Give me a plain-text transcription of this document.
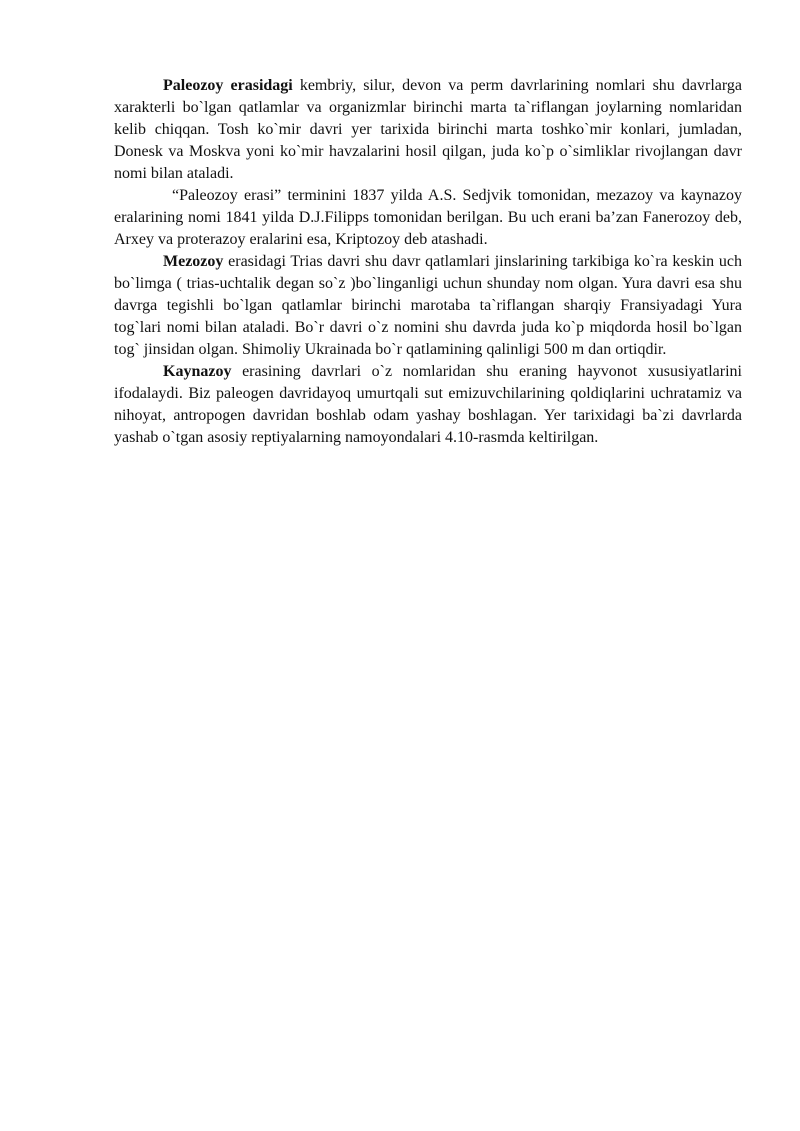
Paleozoy erasidagi kembriy, silur, devon va perm davrlarining nomlari shu davrlarga xarakterli bo`lgan qatlamlar va organizmlar birinchi marta ta`riflangan joylarning nomlaridan kelib chiqqan. Tosh ko`mir davri yer tarixida birinchi marta toshko`mir konlari, jumladan, Donesk va Moskva yoni ko`mir havzalarini hosil qilgan, juda ko`p o`simliklar rivojlangan davr nomi bilan ataladi.

“Paleozoy erasi” terminini 1837 yilda A.S. Sedjvik tomonidan, mezazoy va kaynazoy eralarining nomi 1841 yilda D.J.Filipps tomonidan berilgan. Bu uch erani ba’zan Fanerozoy deb, Arxey va proterazoy eralarini esa, Kriptozoy deb atashadi.

Mezozoy erasidagi Trias davri shu davr qatlamlari jinslarining tarkibiga ko`ra keskin uch bo`limga ( trias-uchtalik degan so`z )bo`linganligi uchun shunday nom olgan. Yura davri esa shu davrga tegishli bo`lgan qatlamlar birinchi marotaba ta`riflangan sharqiy Fransiyadagi Yura tog`lari nomi bilan ataladi. Bo`r davri o`z nomini shu davrda juda ko`p miqdorda hosil bo`lgan tog` jinsidan olgan. Shimoliy Ukrainada bo`r qatlamining qalinligi 500 m dan ortiqdir.

Kaynazoy erasining davrlari o`z nomlaridan shu eraning hayvonot xususiyatlarini ifodalaydi. Biz paleogen davridayoq umurtqali sut emizuvchilarining qoldiqlarini uchratamiz va nihoyat, antropogen davridan boshlab odam yashay boshlagan. Yer tarixidagi ba`zi davrlarda yashab o`tgan asosiy reptiyalarning namoyondalari 4.10-rasmda keltirilgan.
